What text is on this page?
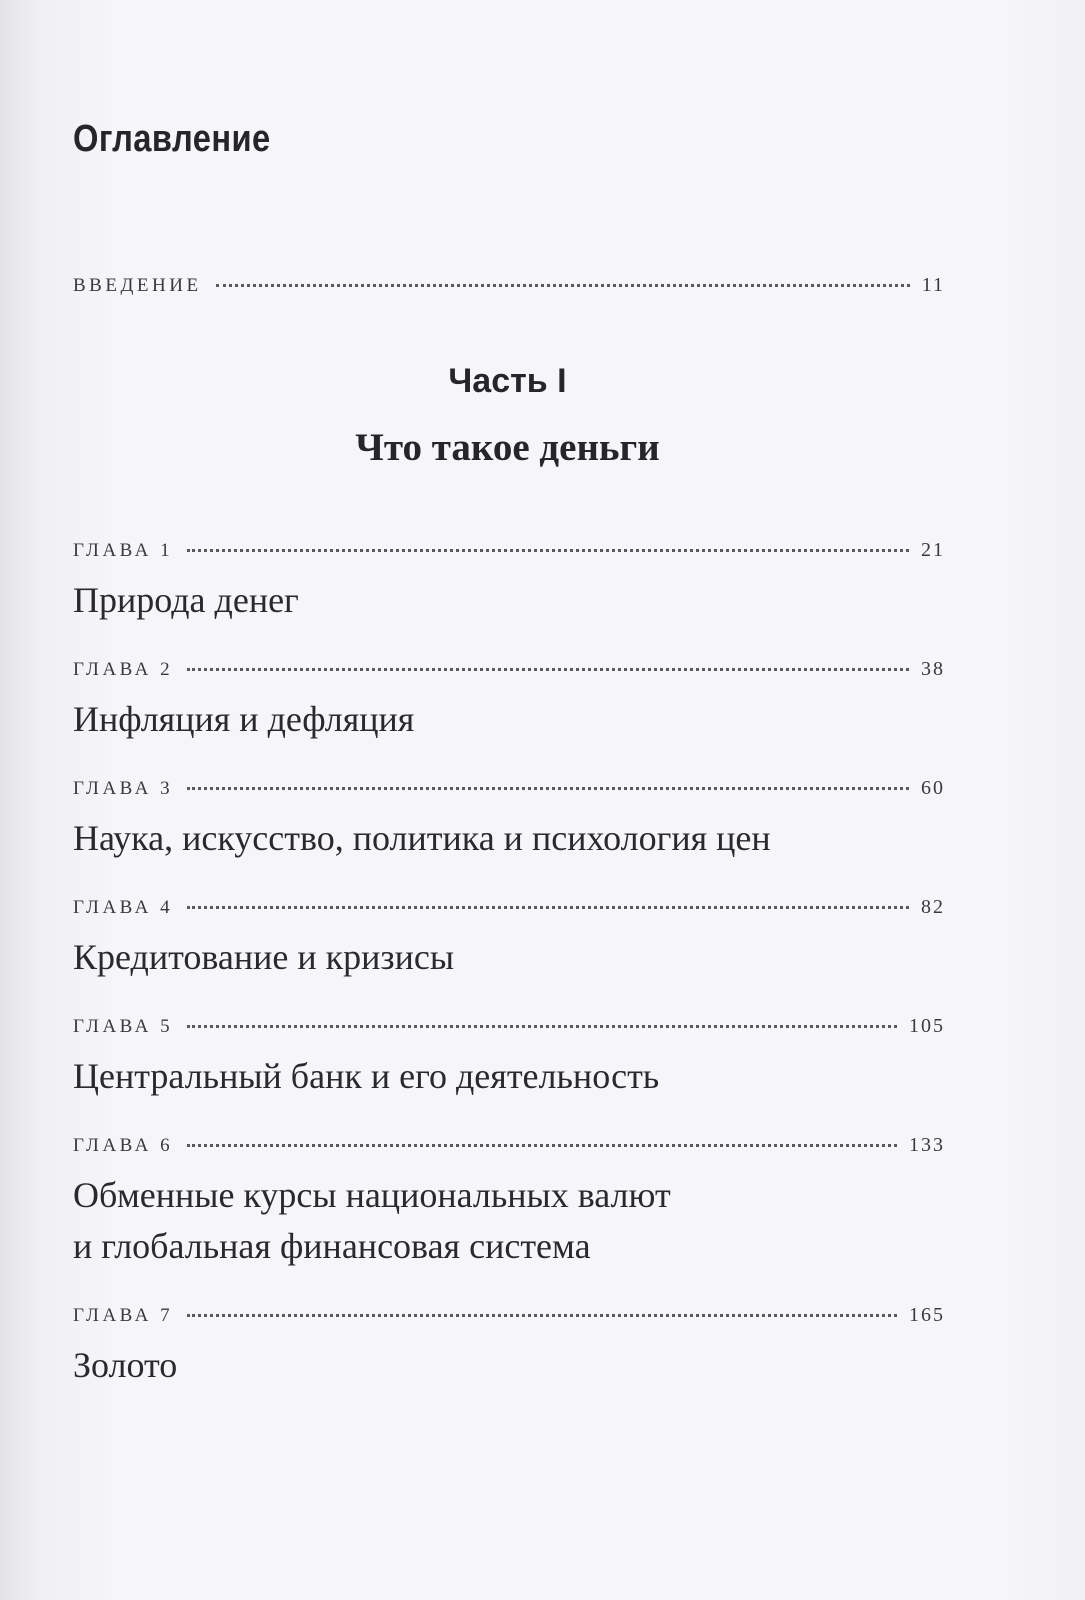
Оглавление
ВВЕДЕНИЕ	11
Часть I
Что такое деньги
ГЛАВА 1	21

Природа денег

ГЛАВА 2	38

Инфляция и дефляция

ГЛАВА 3	60

Наука, искусство, политика и психология цен

ГЛАВА 4	82

Кредитование и кризисы

ГЛАВА 5	105

Центральный банк и его деятельность

ГЛАВА 6	133

Обменные курсы национальных валют

и глобальная финансовая система

ГЛАВА 7	165

Золото
